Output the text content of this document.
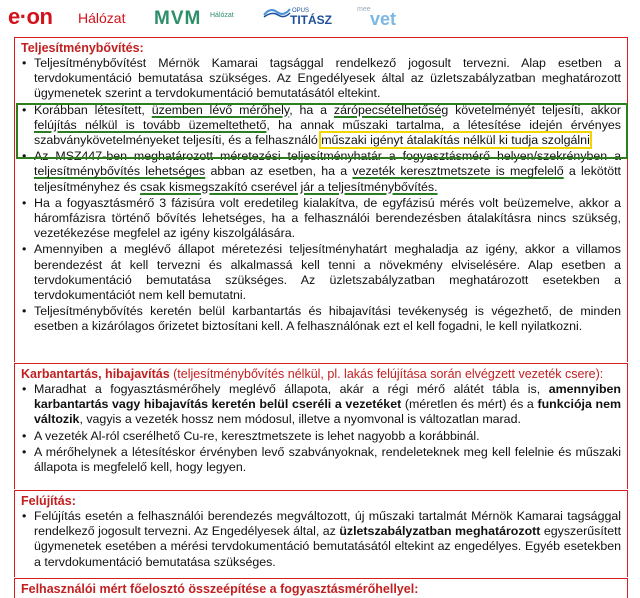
e·on Hálózat MVM Hálózat
OPUS
TITÁSZ
mee vet
Teljesítménybővítés:
• Teljesítménybővítést Mérnök Kamarai tagsággal rendelkező jogosult tervezni. Alap esetben a tervdokumentáció bemutatása szükséges. Az Engedélyesek által az üzletszabályzatban meghatározott ügymenetek szerint a tervdokumentáció bemutatásától eltekint.
• Korábban létesített, üzemben lévő mérőhely, ha a zárópecsételhetőség követelményét teljesíti, akkor felújítás nélkül is tovább üzemeltethető, ha annak műszaki tartalma, a létesítése idején érvényes szabványkövetelményeket teljesíti, és a felhasználó műszaki igényt átalakítás nélkül ki tudja szolgálni
• Az MSZ447-ben meghatározott méretezési teljesítményhatár a fogyasztásmérő helyen/szekrényben a teljesítménybővítés lehetséges abban az esetben, ha a vezeték keresztmetszete is megfelelő a lekötött teljesítményhez és csak kismegszakító cserével jár a teljesítménybővítés.
• Ha a fogyasztásmérő 3 fázisúra volt eredetileg kialakítva, de egyfázisú mérés volt beüzemelve, akkor a háromfázisra történő bővítés lehetséges, ha a felhasználói berendezésben átalakításra nincs szükség, vezetékezése megfelel az igény kiszolgálására.
• Amennyiben a meglévő állapot méretezési teljesítményhatárt meghaladja az igény, akkor a villamos berendezést át kell tervezni és alkalmassá kell tenni a növekmény elviselésére. Alap esetben a tervdokumentáció bemutatása szükséges. Az üzletszabályzatban meghatározott esetekben a tervdokumentációt nem kell bemutatni.
• Teljesítménybővítés keretén belül karbantartás és hibajavítási tevékenység is végezhető, de minden esetben a kizárólagos őrizetet biztosítani kell. A felhasználónak ezt el kell fogadni, le kell nyilatkozni.
Karbantartás, hibajavítás (teljesítménybővítés nélkül, pl. lakás felújítása során elvégzett vezeték csere):
• Maradhat a fogyasztásmérőhely meglévő állapota, akár a régi mérő alátét tábla is, amennyiben karbantartás vagy hibajavítás keretén belül cseréli a vezetéket (méretlen és mért) és a funkciója nem változik, vagyis a vezeték hossz nem módosul, illetve a nyomvonal is változatlan marad.
• A vezeték Al-ról cserélhető Cu-re, keresztmetszete is lehet nagyobb a korábbinál.
• A mérőhelynek a létesítéskor érvényben levő szabványoknak, rendeleteknek meg kell felelnie és műszaki állapota is megfelelő kell, hogy legyen.
Felújítás:
• Felújítás esetén a felhasználói berendezés megváltozott, új műszaki tartalmát Mérnök Kamarai tagsággal rendelkező jogosult tervezni. Az Engedélyesek által, az üzletszabályzatban meghatározott egyszerűsített ügymenetek esetében a mérési tervdokumentáció bemutatásától eltekint az engedélyes. Egyéb esetekben a tervdokumentáció bemutatása szükséges.
Felhasználói mért főelosztó összeépítése a fogyasztásmérőhellyel:
